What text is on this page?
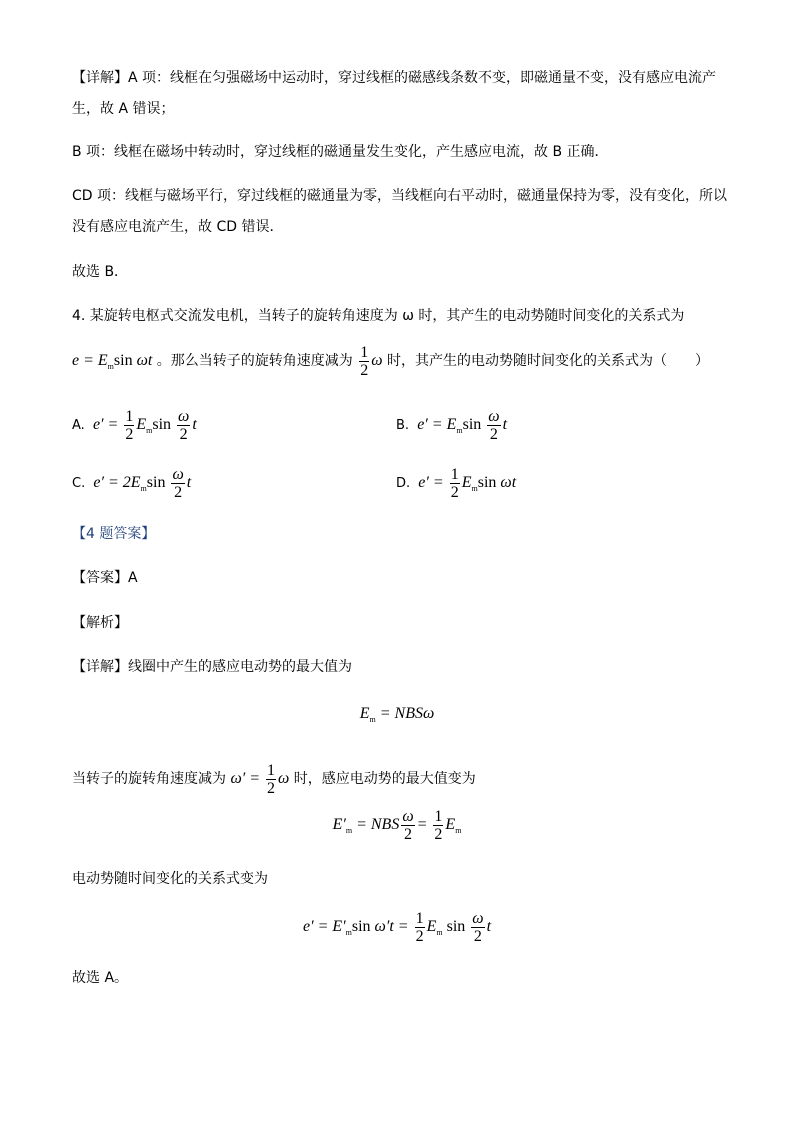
【详解】A 项：线框在匀强磁场中运动时，穿过线框的磁感线条数不变，即磁通量不变，没有感应电流产
生，故 A 错误；
B 项：线框在磁场中转动时，穿过线框的磁通量发生变化，产生感应电流，故 B 正确．
CD 项：线框与磁场平行，穿过线框的磁通量为零，当线框向右平动时，磁通量保持为零，没有变化，所以
没有感应电流产生，故 CD 错误．
故选 B．
4. 某旋转电枢式交流发电机，当转子的旋转角速度为 ω 时，其产生的电动势随时间变化的关系式为
$e = E_m\sin$ ωt 。那么当转子的旋转角速度减为 $\frac{1}{2}$ ω 时，其产生的电动势随时间变化的关系式为（　　）
A.  $e' = \frac{1}{2} E_m\sin \frac{\omega}{2}$ t	B.  $e' = E_m\sin \frac{\omega}{2}$ t
C.  $e' = 2E_m\sin \frac{\omega}{2}$ t	D.  $e' = \frac{1}{2} E_m\sin$ ωt
【4 题答案】
【答案】A
【解析】
【详解】线圈中产生的感应电动势的最大值为
$E_m = NBS\omega$
当转子的旋转角速度减为 $\omega' = \frac{1}{2}$ ω 时，感应电动势的最大值变为
$E'_m$ = NBS $\frac{\omega}{2} = \frac{1}{2} E_m$
电动势随时间变化的关系式变为
$e' = E'_m\sin$ $\omega't = \frac{1}{2} E_m$ $\sin \frac{\omega}{2}$ t
故选 A。
